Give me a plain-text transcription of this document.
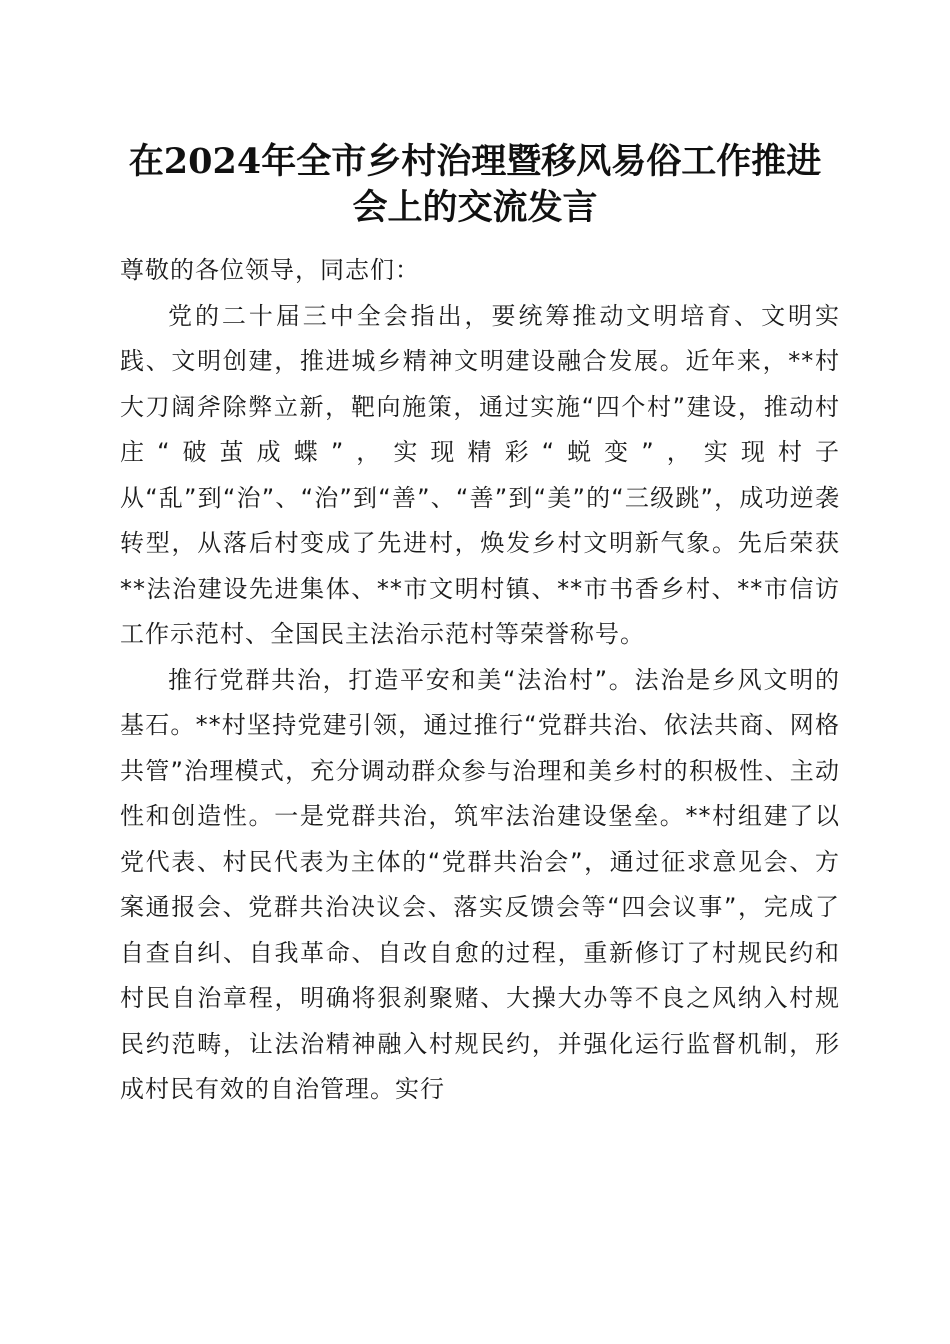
在2024年全市乡村治理暨移风易俗工作推进
会上的交流发言

尊敬的各位领导，同志们：

党的二十届三中全会指出，要统筹推动文明培育、文明实践、文明创建，推进城乡精神文明建设融合发展。近年来，**村大刀阔斧除弊立新，靶向施策，通过实施“四个村”建设，推动村庄“破茧成蝶”，实现精彩“蜕变”，实现村子从“乱”到“治”、“治”到“善”、“善”到“美”的“三级跳”，成功逆袭转型，从落后村变成了先进村，焕发乡村文明新气象。先后荣获**法治建设先进集体、**市文明村镇、**市书香乡村、**市信访工作示范村、全国民主法治示范村等荣誉称号。

推行党群共治，打造平安和美“法治村”。法治是乡风文明的基石。**村坚持党建引领，通过推行“党群共治、依法共商、网格共管”治理模式，充分调动群众参与治理和美乡村的积极性、主动性和创造性。一是党群共治，筑牢法治建设堡垒。**村组建了以党代表、村民代表为主体的“党群共治会”，通过征求意见会、方案通报会、党群共治决议会、落实反馈会等“四会议事”，完成了自查自纠、自我革命、自改自愈的过程，重新修订了村规民约和村民自治章程，明确将狠刹聚赌、大操大办等不良之风纳入村规民约范畴，让法治精神融入村规民约，并强化运行监督机制，形成村民有效的自治管理。实行
